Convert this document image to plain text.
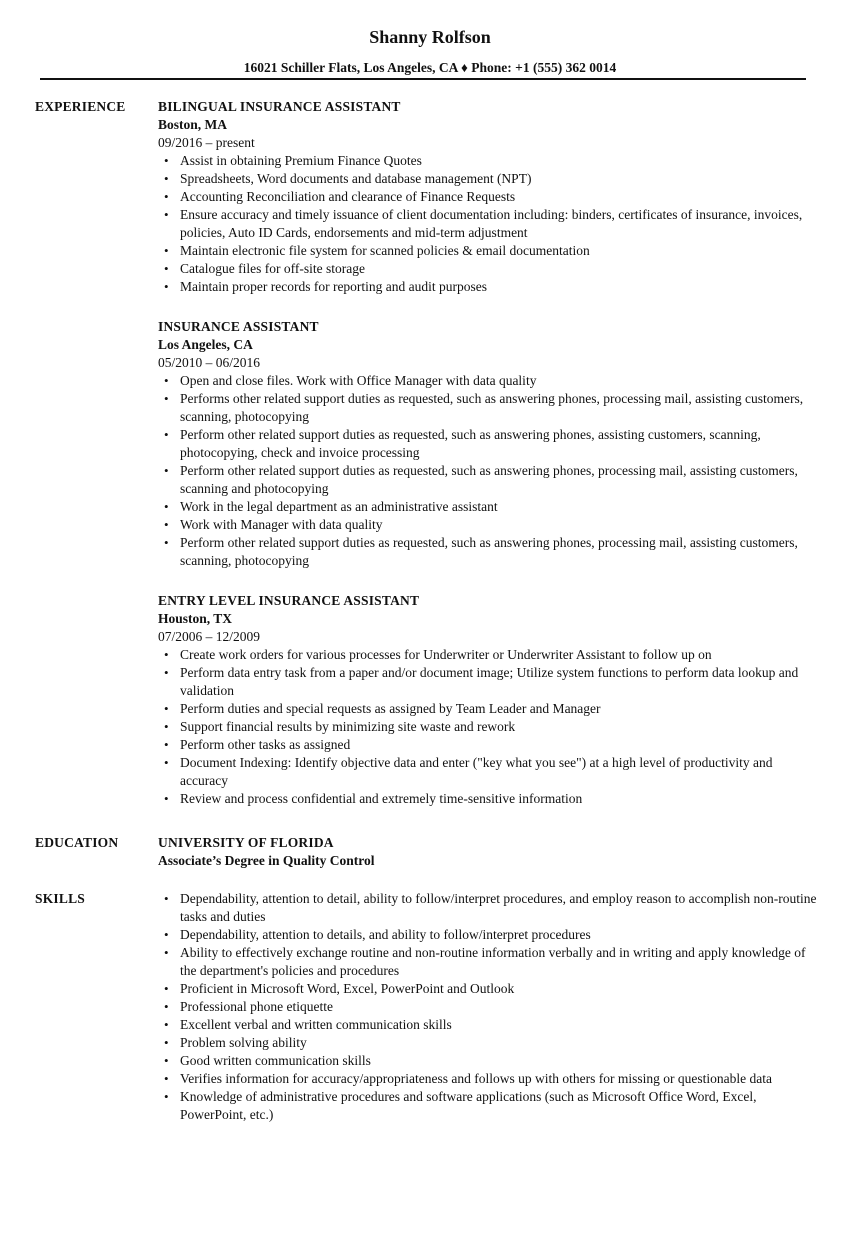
Shanny Rolfson
16021 Schiller Flats, Los Angeles, CA ♦ Phone: +1 (555) 362 0014
EXPERIENCE	BILINGUAL INSURANCE ASSISTANT
Boston, MA
09/2016 – present
• Assist in obtaining Premium Finance Quotes
• Spreadsheets, Word documents and database management (NPT)
• Accounting Reconciliation and clearance of Finance Requests
• Ensure accuracy and timely issuance of client documentation including: binders, certificates of insurance, invoices, policies, Auto ID Cards, endorsements and mid-term adjustment
• Maintain electronic file system for scanned policies & email documentation
• Catalogue files for off-site storage
• Maintain proper records for reporting and audit purposes
INSURANCE ASSISTANT
Los Angeles, CA
05/2010 – 06/2016
• Open and close files. Work with Office Manager with data quality
• Performs other related support duties as requested, such as answering phones, processing mail, assisting customers, scanning, photocopying
• Perform other related support duties as requested, such as answering phones, assisting customers, scanning, photocopying, check and invoice processing
• Perform other related support duties as requested, such as answering phones, processing mail, assisting customers, scanning and photocopying
• Work in the legal department as an administrative assistant
• Work with Manager with data quality
• Perform other related support duties as requested, such as answering phones, processing mail, assisting customers, scanning, photocopying
ENTRY LEVEL INSURANCE ASSISTANT
Houston, TX
07/2006 – 12/2009
• Create work orders for various processes for Underwriter or Underwriter Assistant to follow up on
• Perform data entry task from a paper and/or document image; Utilize system functions to perform data lookup and validation
• Perform duties and special requests as assigned by Team Leader and Manager
• Support financial results by minimizing site waste and rework
• Perform other tasks as assigned
• Document Indexing: Identify objective data and enter ("key what you see") at a high level of productivity and accuracy
• Review and process confidential and extremely time-sensitive information
EDUCATION	UNIVERSITY OF FLORIDA
Associate’s Degree in Quality Control
SKILLS
•	Dependability, attention to detail, ability to follow/interpret procedures, and employ reason to accomplish non-routine tasks and duties
• Dependability, attention to details, and ability to follow/interpret procedures
• Ability to effectively exchange routine and non-routine information verbally and in writing and apply knowledge of the department's policies and procedures
• Proficient in Microsoft Word, Excel, PowerPoint and Outlook
• Professional phone etiquette
• Excellent verbal and written communication skills
• Problem solving ability
• Good written communication skills
• Verifies information for accuracy/appropriateness and follows up with others for missing or questionable data
• Knowledge of administrative procedures and software applications (such as Microsoft Office Word, Excel, PowerPoint, etc.)
